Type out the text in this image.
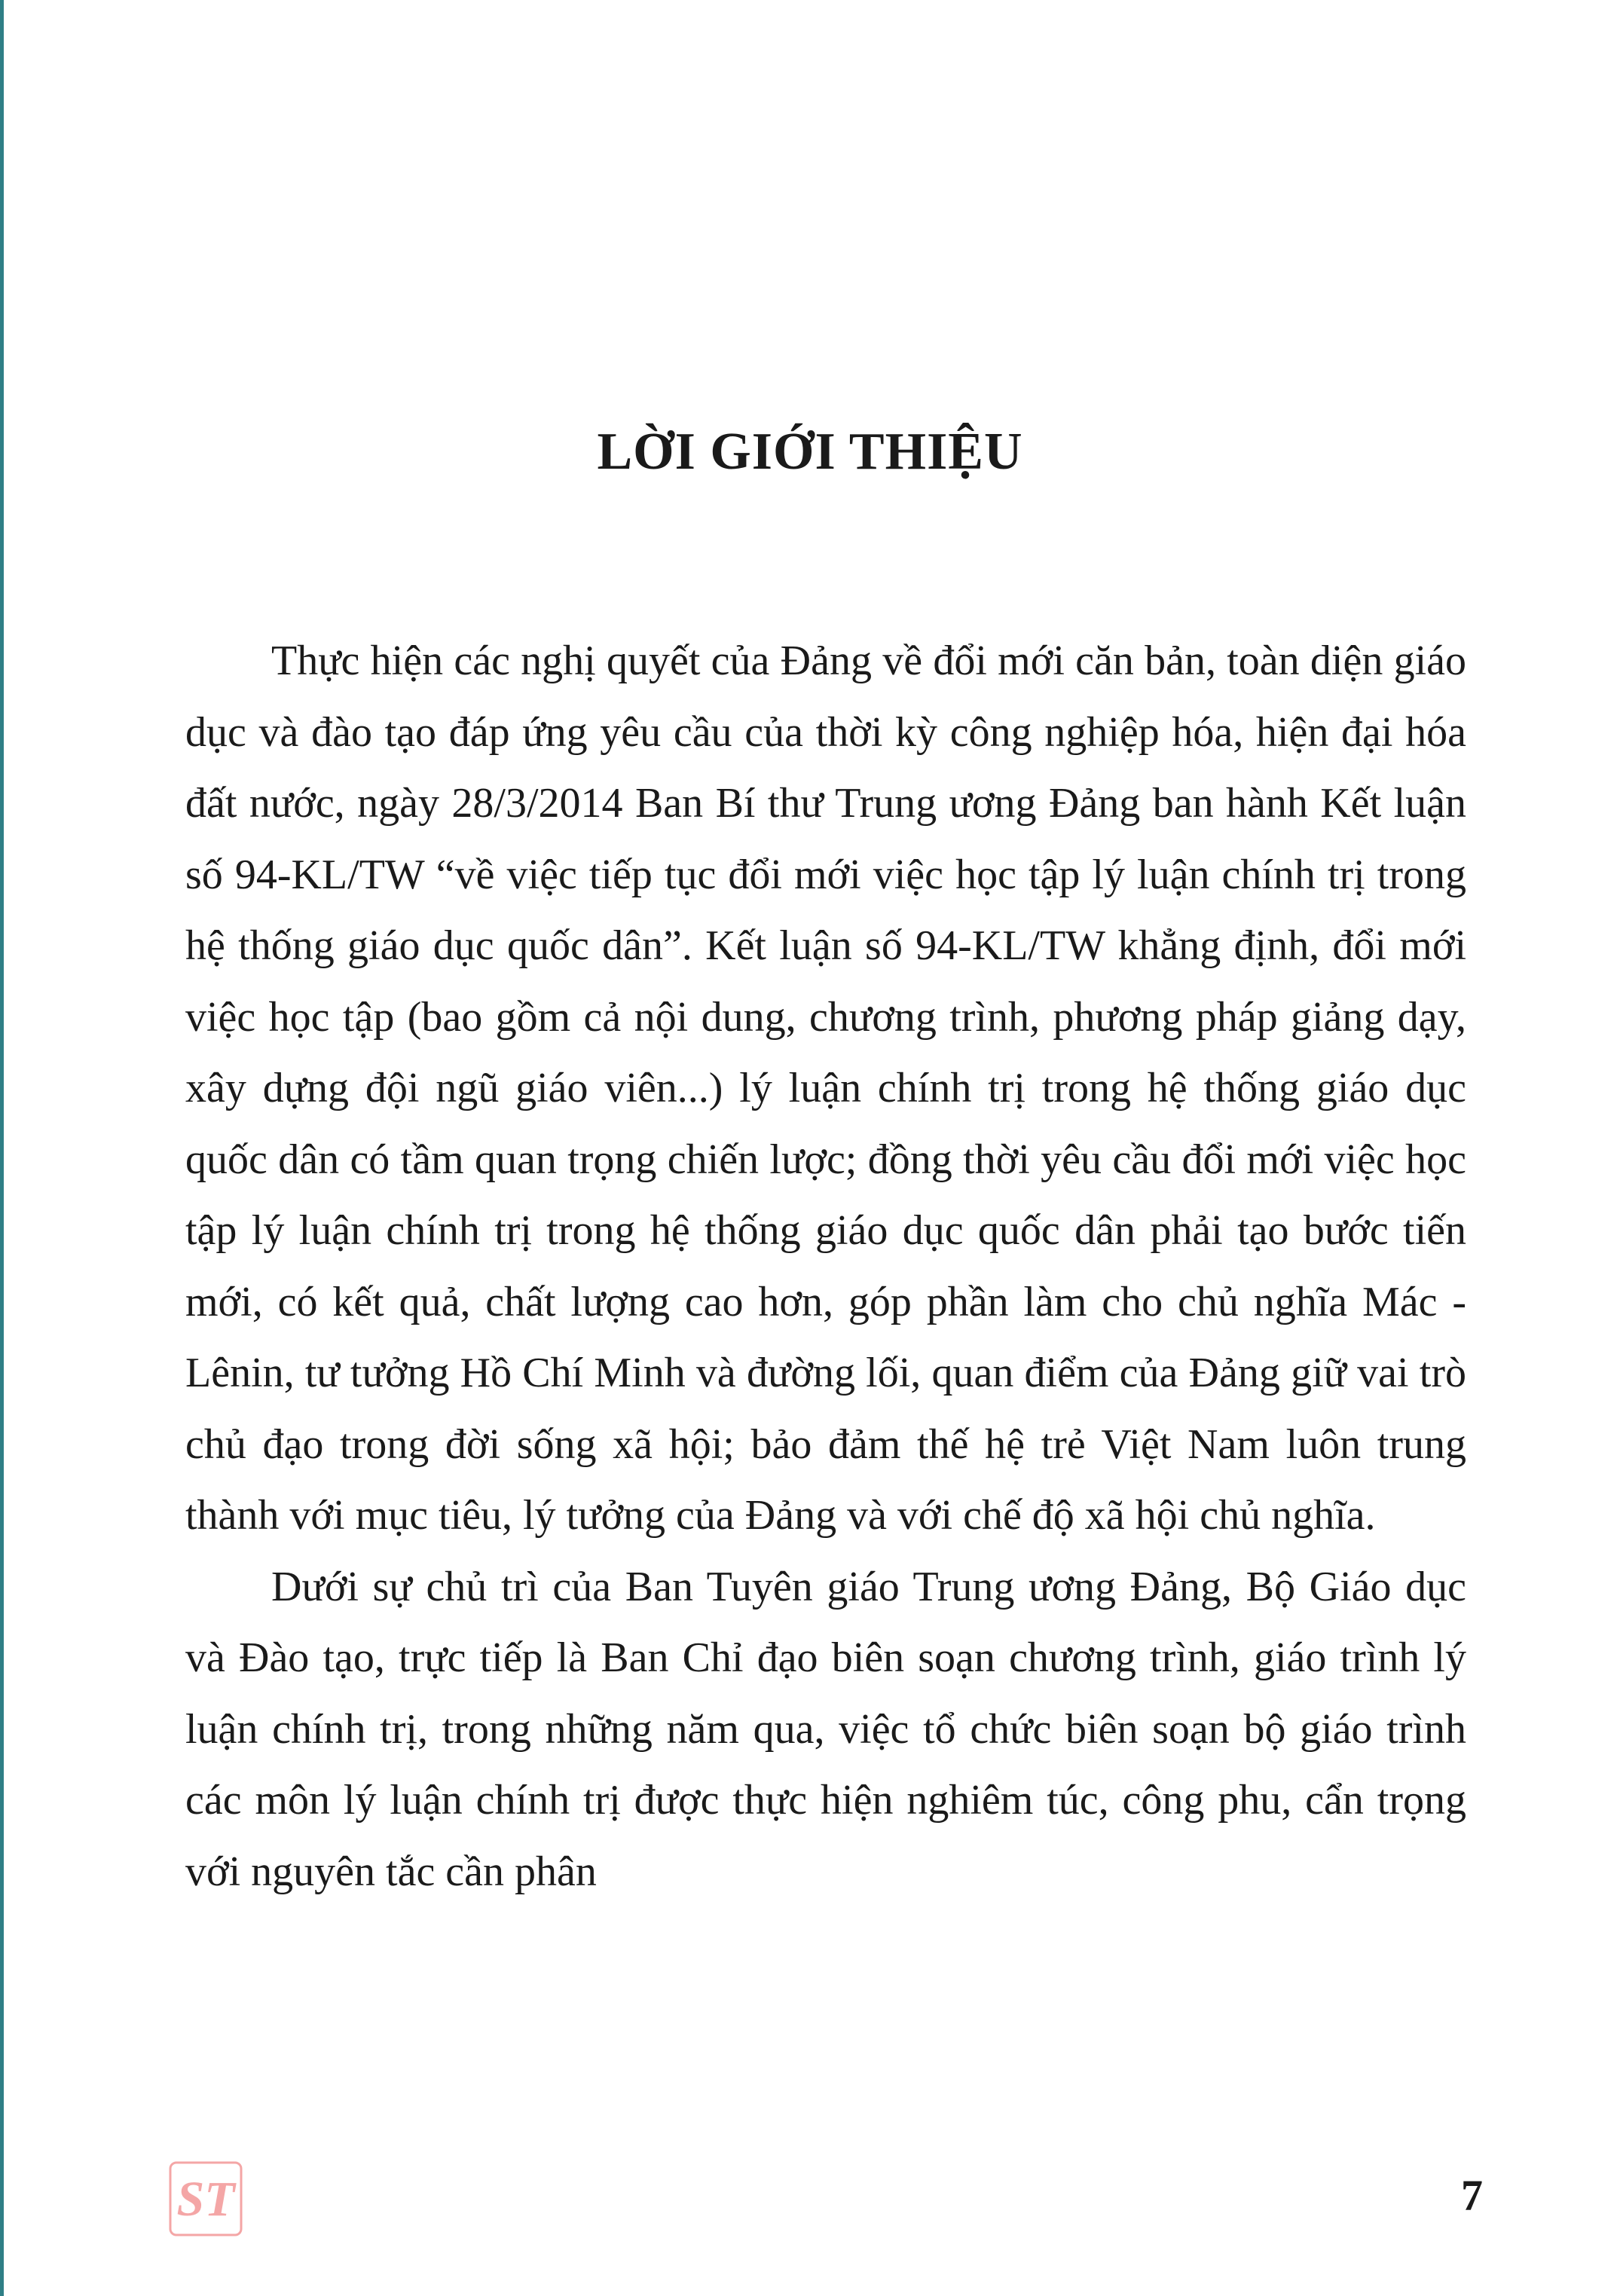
LỜI GIỚI THIỆU

Thực hiện các nghị quyết của Đảng về đổi mới căn bản, toàn diện giáo dục và đào tạo đáp ứng yêu cầu của thời kỳ công nghiệp hóa, hiện đại hóa đất nước, ngày 28/3/2014 Ban Bí thư Trung ương Đảng ban hành Kết luận số 94-KL/TW “về việc tiếp tục đổi mới việc học tập lý luận chính trị trong hệ thống giáo dục quốc dân”. Kết luận số 94-KL/TW khẳng định, đổi mới việc học tập (bao gồm cả nội dung, chương trình, phương pháp giảng dạy, xây dựng đội ngũ giáo viên...) lý luận chính trị trong hệ thống giáo dục quốc dân có tầm quan trọng chiến lược; đồng thời yêu cầu đổi mới việc học tập lý luận chính trị trong hệ thống giáo dục quốc dân phải tạo bước tiến mới, có kết quả, chất lượng cao hơn, góp phần làm cho chủ nghĩa Mác - Lênin, tư tưởng Hồ Chí Minh và đường lối, quan điểm của Đảng giữ vai trò chủ đạo trong đời sống xã hội; bảo đảm thế hệ trẻ Việt Nam luôn trung thành với mục tiêu, lý tưởng của Đảng và với chế độ xã hội chủ nghĩa.

Dưới sự chủ trì của Ban Tuyên giáo Trung ương Đảng, Bộ Giáo dục và Đào tạo, trực tiếp là Ban Chỉ đạo biên soạn chương trình, giáo trình lý luận chính trị, trong những năm qua, việc tổ chức biên soạn bộ giáo trình các môn lý luận chính trị được thực hiện nghiêm túc, công phu, cẩn trọng với nguyên tắc cần phân

ST	7
